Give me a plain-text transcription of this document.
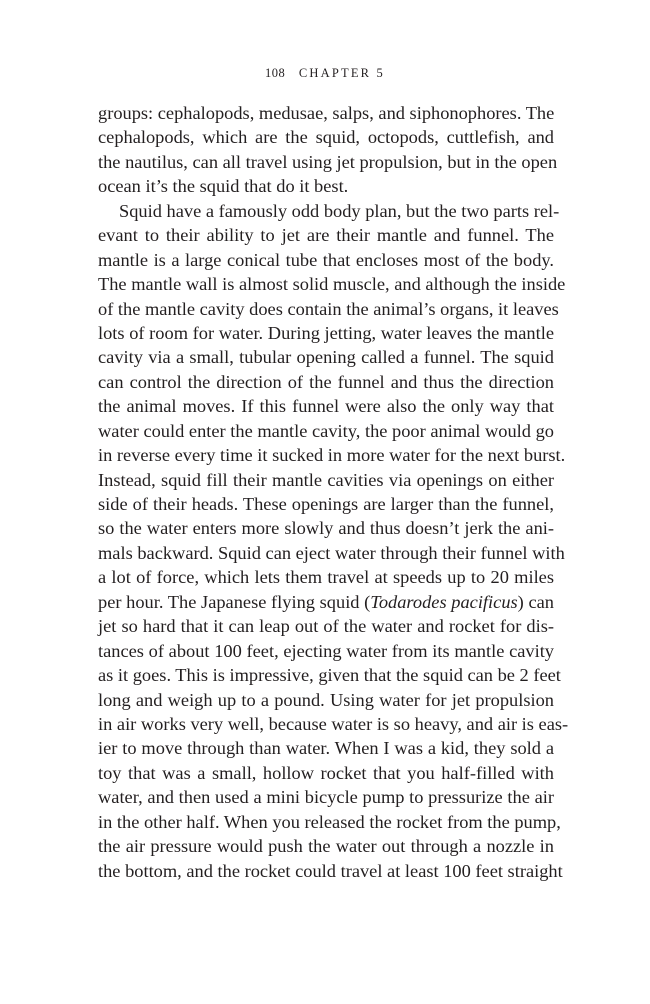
108 CHAPTER 5
groups: cephalopods, medusae, salps, and siphonophores. The
cephalopods, which are the squid, octopods, cuttlefish, and
the nautilus, can all travel using jet propulsion, but in the open
ocean it’s the squid that do it best.
Squid have a famously odd body plan, but the two parts rel-
evant to their ability to jet are their mantle and funnel. The
mantle is a large conical tube that encloses most of the body.
The mantle wall is almost solid muscle, and although the inside
of the mantle cavity does contain the animal’s organs, it leaves
lots of room for water. During jetting, water leaves the mantle
cavity via a small, tubular opening called a funnel. The squid
can control the direction of the funnel and thus the direction
the animal moves. If this funnel were also the only way that
water could enter the mantle cavity, the poor animal would go
in reverse every time it sucked in more water for the next burst.
Instead, squid fill their mantle cavities via openings on either
side of their heads. These openings are larger than the funnel,
so the water enters more slowly and thus doesn’t jerk the ani-
mals backward. Squid can eject water through their funnel with
a lot of force, which lets them travel at speeds up to 20 miles
per hour. The Japanese flying squid (Todarodes pacificus) can
jet so hard that it can leap out of the water and rocket for dis-
tances of about 100 feet, ejecting water from its mantle cavity
as it goes. This is impressive, given that the squid can be 2 feet
long and weigh up to a pound. Using water for jet propulsion
in air works very well, because water is so heavy, and air is eas-
ier to move through than water. When I was a kid, they sold a
toy that was a small, hollow rocket that you half-filled with
water, and then used a mini bicycle pump to pressurize the air
in the other half. When you released the rocket from the pump,
the air pressure would push the water out through a nozzle in
the bottom, and the rocket could travel at least 100 feet straight
